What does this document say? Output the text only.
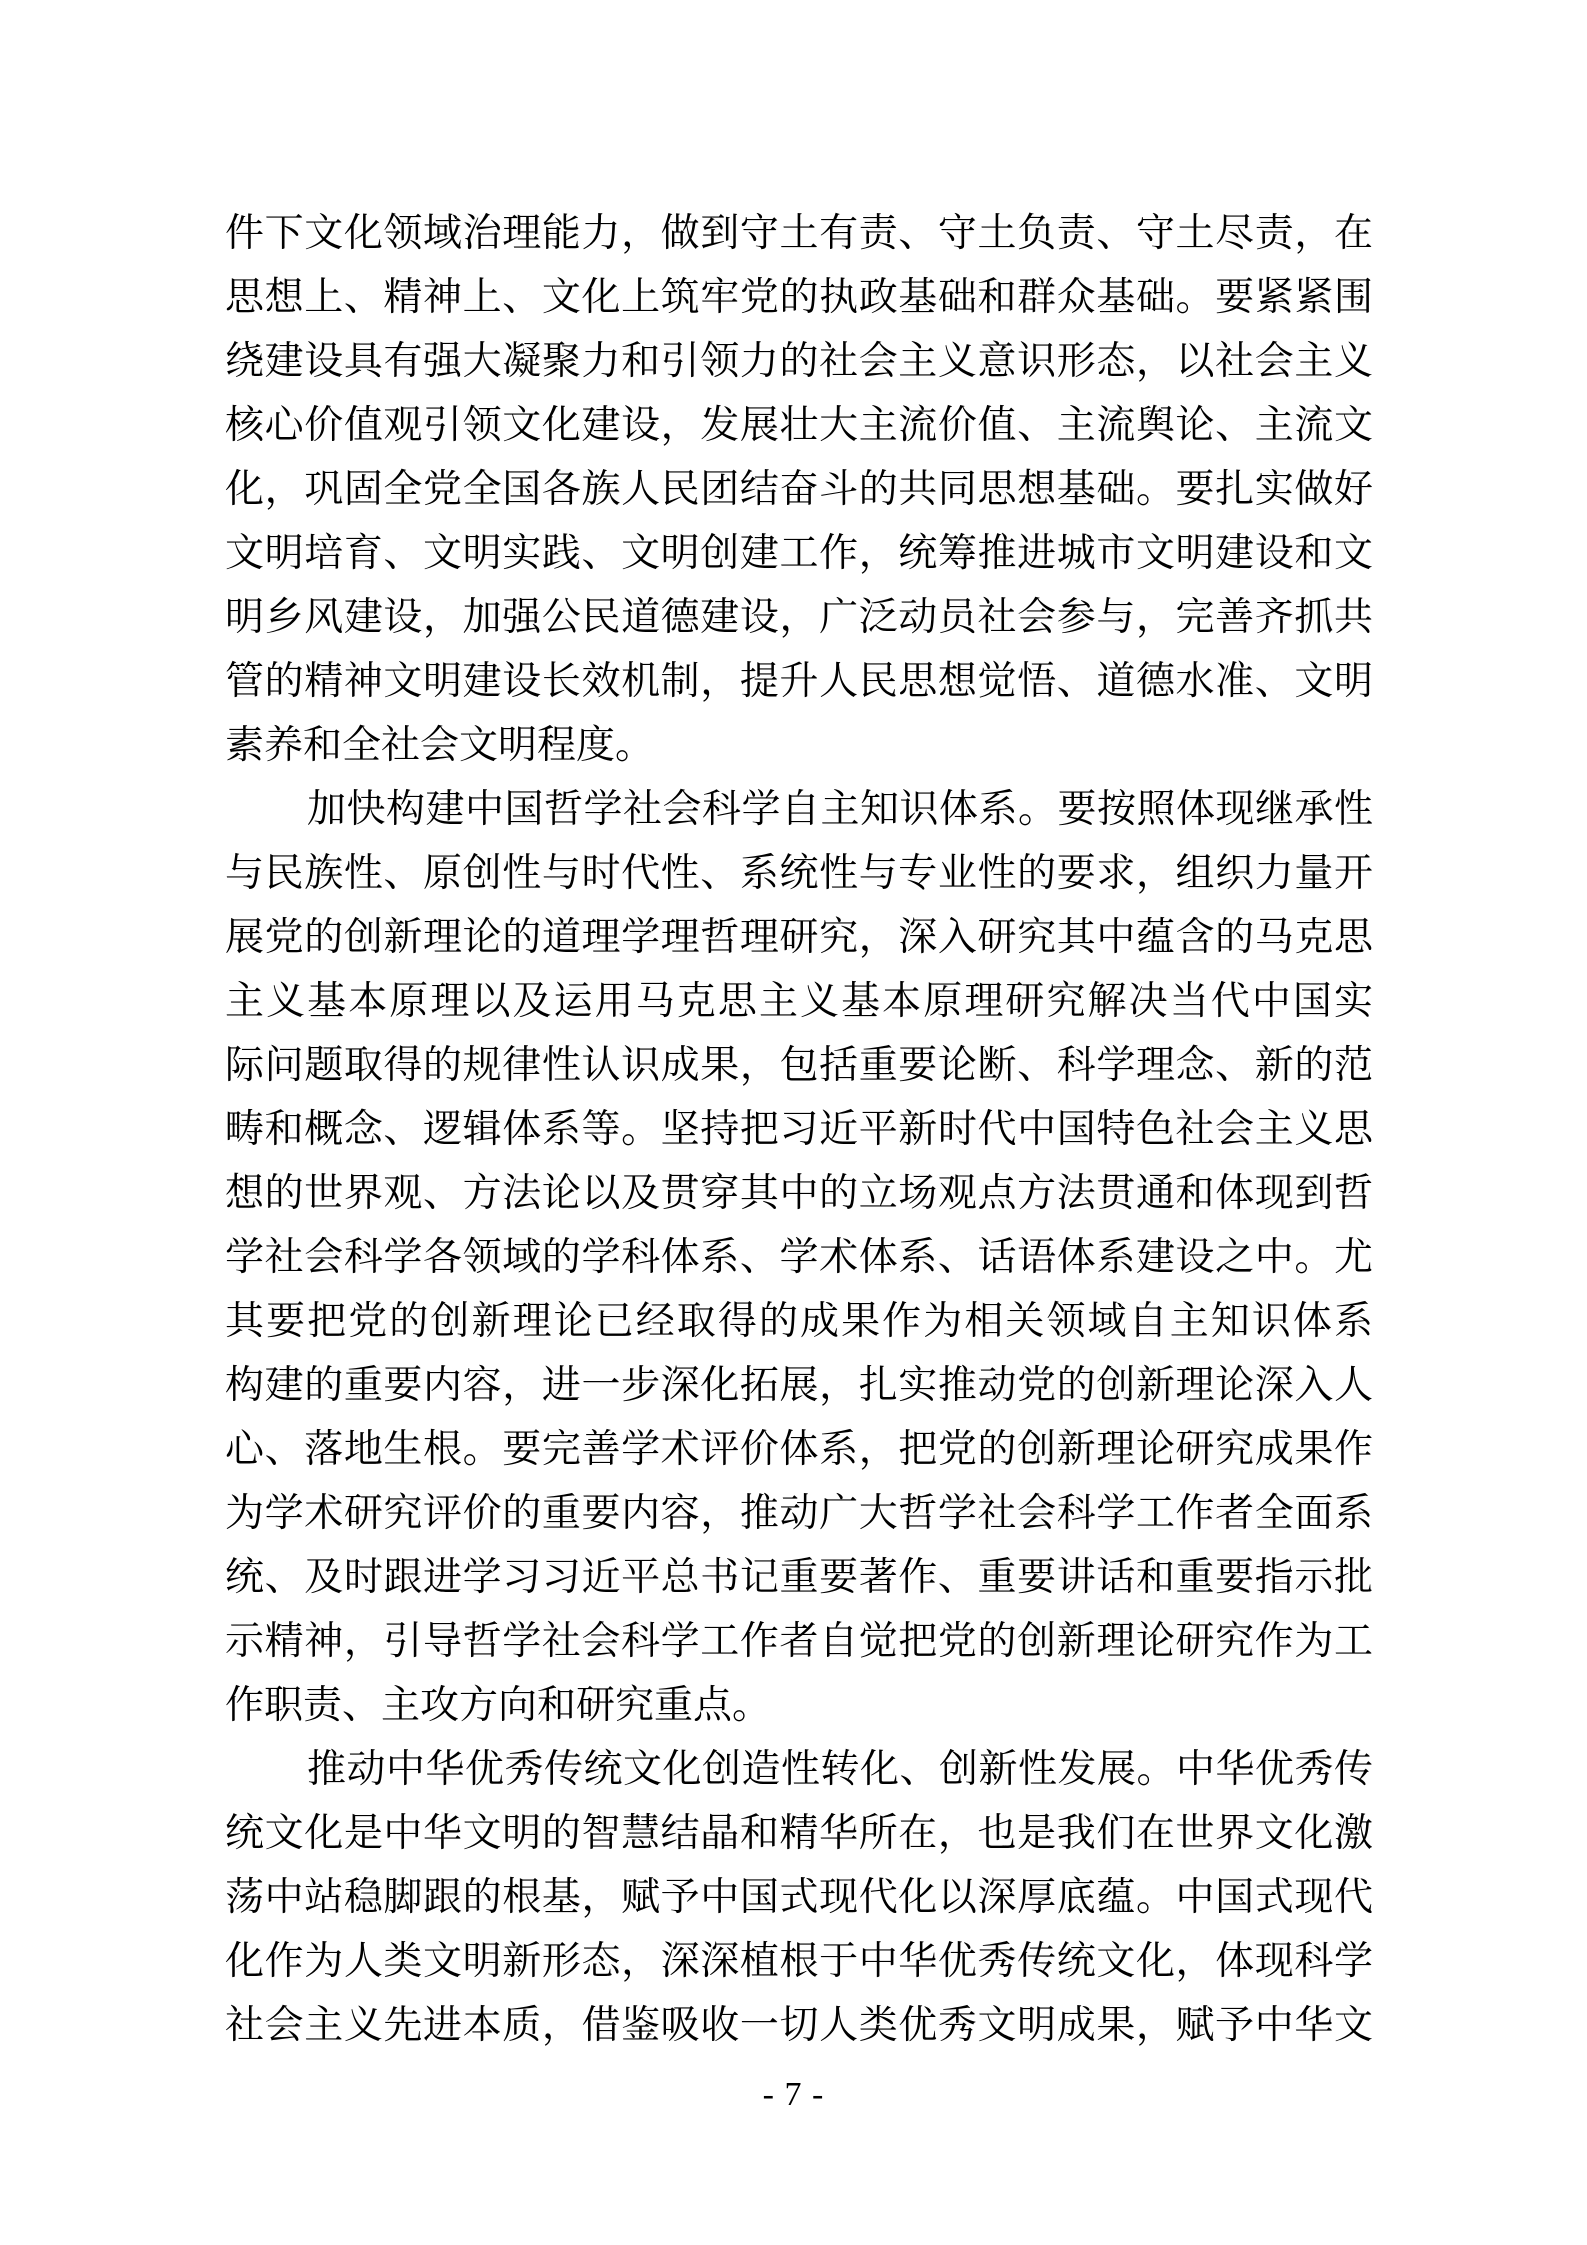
件下文化领域治理能力，做到守土有责、守土负责、守土尽责，在
思想上、精神上、文化上筑牢党的执政基础和群众基础。要紧紧围
绕建设具有强大凝聚力和引领力的社会主义意识形态，以社会主义
核心价值观引领文化建设，发展壮大主流价值、主流舆论、主流文
化，巩固全党全国各族人民团结奋斗的共同思想基础。要扎实做好
文明培育、文明实践、文明创建工作，统筹推进城市文明建设和文
明乡风建设，加强公民道德建设，广泛动员社会参与，完善齐抓共
管的精神文明建设长效机制，提升人民思想觉悟、道德水准、文明
素养和全社会文明程度。
加快构建中国哲学社会科学自主知识体系。要按照体现继承性
与民族性、原创性与时代性、系统性与专业性的要求，组织力量开
展党的创新理论的道理学理哲理研究，深入研究其中蕴含的马克思
主义基本原理以及运用马克思主义基本原理研究解决当代中国实
际问题取得的规律性认识成果，包括重要论断、科学理念、新的范
畴和概念、逻辑体系等。坚持把习近平新时代中国特色社会主义思
想的世界观、方法论以及贯穿其中的立场观点方法贯通和体现到哲
学社会科学各领域的学科体系、学术体系、话语体系建设之中。尤
其要把党的创新理论已经取得的成果作为相关领域自主知识体系
构建的重要内容，进一步深化拓展，扎实推动党的创新理论深入人
心、落地生根。要完善学术评价体系，把党的创新理论研究成果作
为学术研究评价的重要内容，推动广大哲学社会科学工作者全面系
统、及时跟进学习习近平总书记重要著作、重要讲话和重要指示批
示精神，引导哲学社会科学工作者自觉把党的创新理论研究作为工
作职责、主攻方向和研究重点。
推动中华优秀传统文化创造性转化、创新性发展。中华优秀传
统文化是中华文明的智慧结晶和精华所在，也是我们在世界文化激
荡中站稳脚跟的根基，赋予中国式现代化以深厚底蕴。中国式现代
化作为人类文明新形态，深深植根于中华优秀传统文化，体现科学
社会主义先进本质，借鉴吸收一切人类优秀文明成果，赋予中华文
- 7 -
